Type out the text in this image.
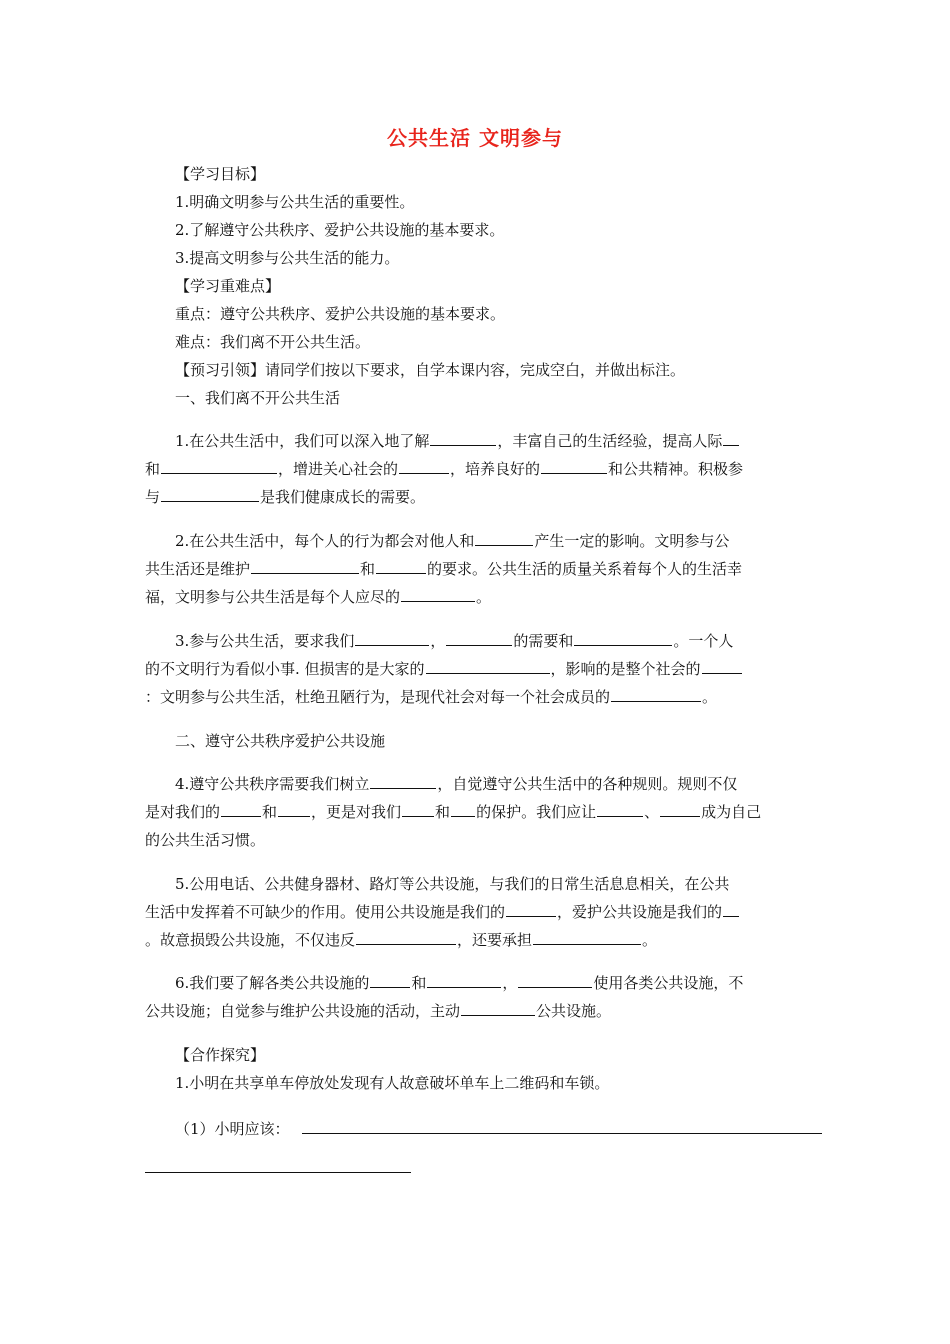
公共生活 文明参与
【学习目标】
1.明确文明参与公共生活的重要性。
2.了解遵守公共秩序、爱护公共设施的基本要求。
3.提高文明参与公共生活的能力。
【学习重难点】
重点：遵守公共秩序、爱护公共设施的基本要求。
难点：我们离不开公共生活。
【预习引领】请同学们按以下要求，自学本课内容，完成空白，并做出标注。
一、我们离不开公共生活
1.在公共生活中，我们可以深入地了解	，丰富自己的生活经验，提高人际
和	，增进关心社会的	，培养良好的	和公共精神。积极参
与	是我们健康成长的需要。
2.在公共生活中，每个人的行为都会对他人和	产生一定的影响。文明参与公
共生活还是维护	和	的要求。公共生活的质量关系着每个人的生活幸
福，文明参与公共生活是每个人应尽的	。
3.参与公共生活，要求我们	，	的需要和	。一个人
的不文明行为看似小事. 但损害的是大家的	，影响的是整个社会的
：文明参与公共生活，杜绝丑陋行为，是现代社会对每一个社会成员的	。
二、遵守公共秩序爱护公共设施
4.遵守公共秩序需要我们树立	，自觉遵守公共生活中的各种规则。规则不仅
是对我们的	和 ，更是对我们 和 的保护。我们应让	、	成为自己
的公共生活习惯。
5.公用电话、公共健身器材、路灯等公共设施，与我们的日常生活息息相关，在公共
生活中发挥着不可缺少的作用。使用公共设施是我们的	，爱护公共设施是我们的
。故意损毁公共设施，不仅违反	，还要承担	。
6.我们要了解各类公共设施的	和	，	使用各类公共设施，不
公共设施；自觉参与维护公共设施的活动，主动	公共设施。
【合作探究】
1.小明在共享单车停放处发现有人故意破坏单车上二维码和车锁。
（1）小明应该：
